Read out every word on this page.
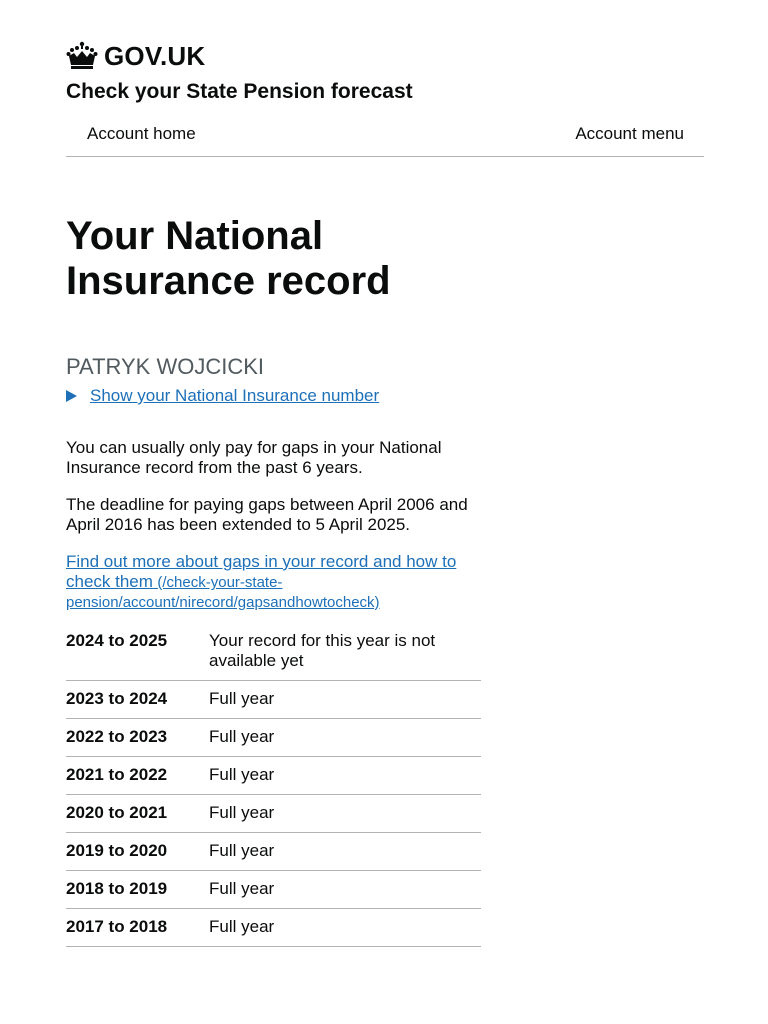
GOV.UK
Check your State Pension forecast
Account home	Account menu
Your National Insurance record
PATRYK WOJCICKI
Show your National Insurance number

You can usually only pay for gaps in your National Insurance record from the past 6 years.

The deadline for paying gaps between April 2006 and April 2016 has been extended to 5 April 2025.

Find out more about gaps in your record and how to check them (/check-your-state-pension/account/nirecord/gapsandhowtocheck)
2024 to 2025	Your record for this year is not available yet
2023 to 2024	Full year
2022 to 2023	Full year
2021 to 2022	Full year
2020 to 2021	Full year
2019 to 2020	Full year
2018 to 2019	Full year
2017 to 2018	Full year
